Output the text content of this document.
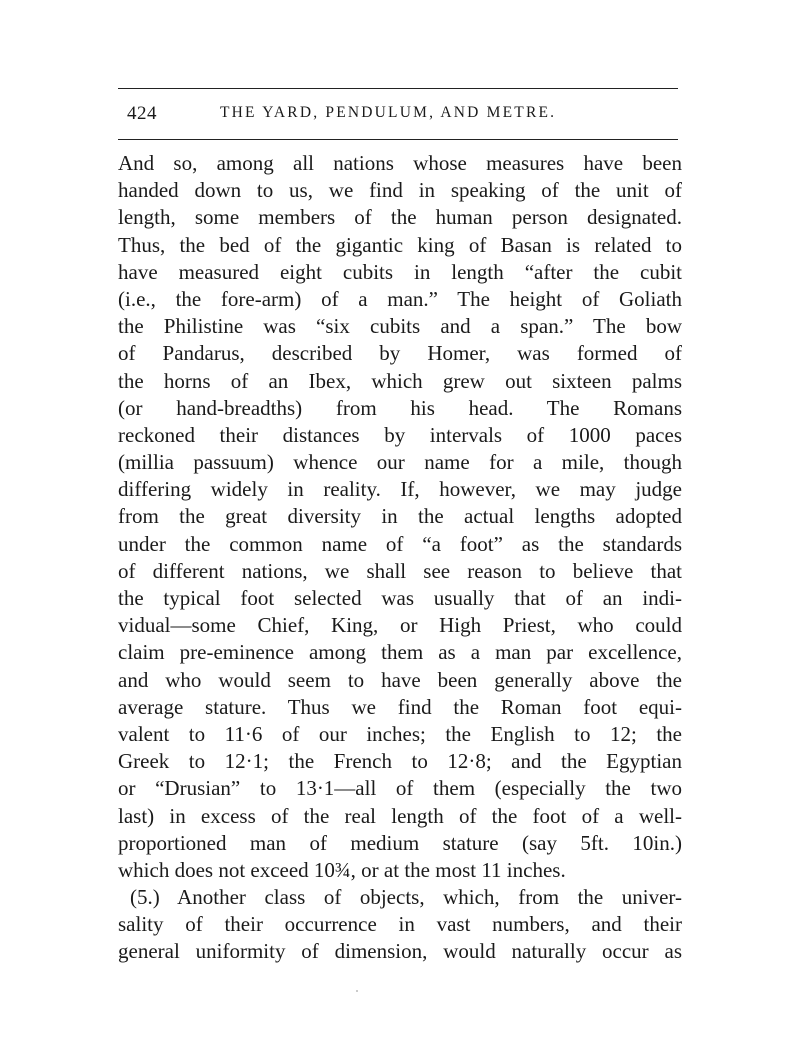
424	THE YARD, PENDULUM, AND METRE.
And so, among all nations whose measures have been
handed down to us, we find in speaking of the unit of
length, some members of the human person designated.
Thus, the bed of the gigantic king of Basan is related to
have measured eight cubits in length “after the cubit
(i.e., the fore-arm) of a man.” The height of Goliath
the Philistine was “six cubits and a span.” The bow
of Pandarus, described by Homer, was formed of
the horns of an Ibex, which grew out sixteen palms
(or hand-breadths) from his head. The Romans
reckoned their distances by intervals of 1000 paces
(millia passuum) whence our name for a mile, though
differing widely in reality. If, however, we may judge
from the great diversity in the actual lengths adopted
under the common name of “a foot” as the standards
of different nations, we shall see reason to believe that
the typical foot selected was usually that of an indi-
vidual—some Chief, King, or High Priest, who could
claim pre-eminence among them as a man par excellence,
and who would seem to have been generally above the
average stature. Thus we find the Roman foot equi-
valent to 11·6 of our inches; the English to 12; the
Greek to 12·1; the French to 12·8; and the Egyptian
or “Drusian” to 13·1—all of them (especially the two
last) in excess of the real length of the foot of a well-
proportioned man of medium stature (say 5ft. 10in.)
which does not exceed 10¾, or at the most 11 inches.
(5.) Another class of objects, which, from the univer-
sality of their occurrence in vast numbers, and their
general uniformity of dimension, would naturally occur as
